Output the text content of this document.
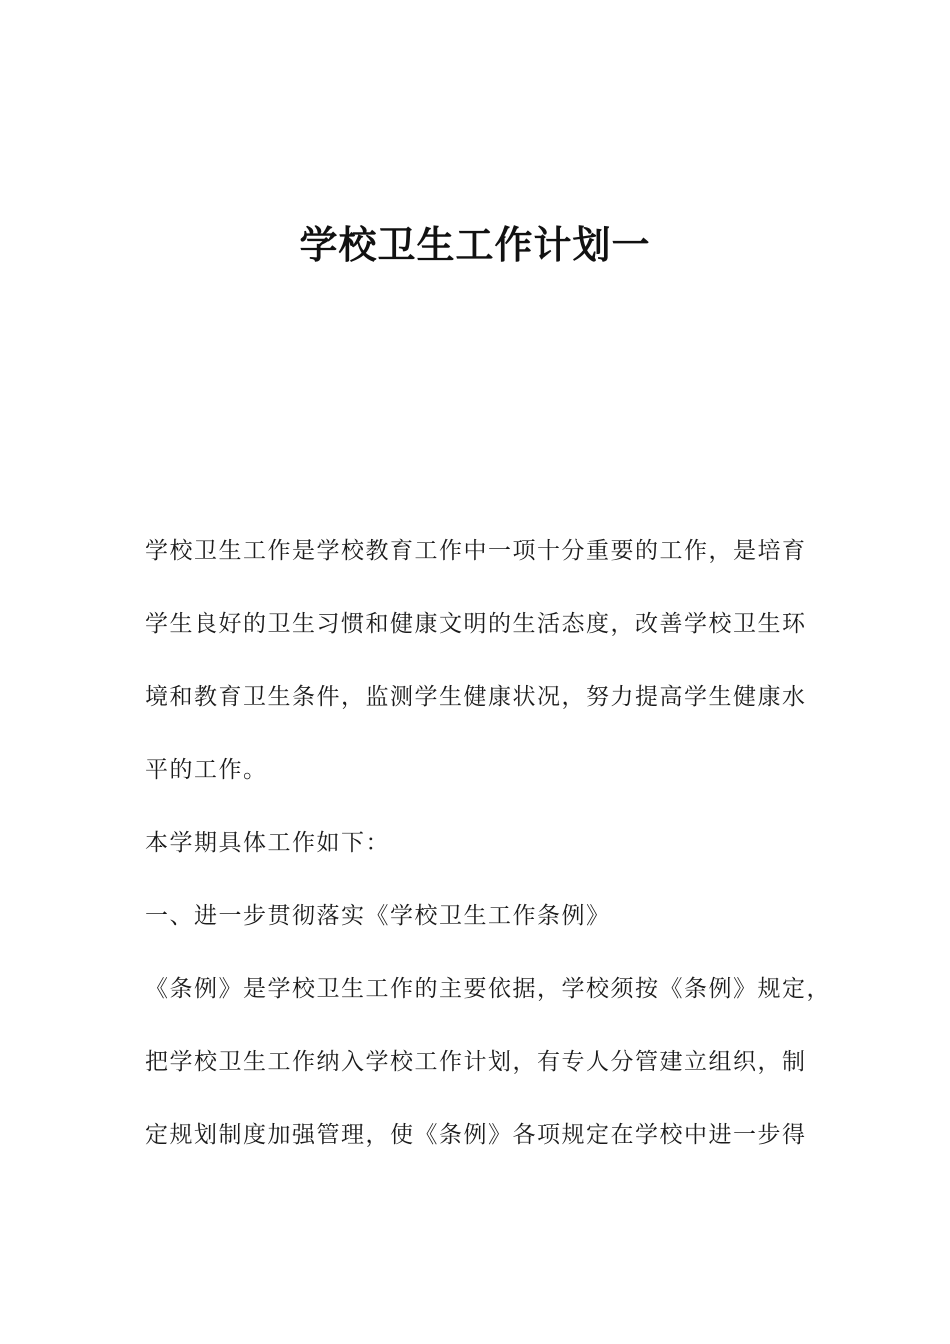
学校卫生工作计划一
学校卫生工作是学校教育工作中一项十分重要的工作，是培育
学生良好的卫生习惯和健康文明的生活态度，改善学校卫生环
境和教育卫生条件，监测学生健康状况，努力提高学生健康水
平的工作。
本学期具体工作如下：
一、进一步贯彻落实《学校卫生工作条例》
《条例》是学校卫生工作的主要依据，学校须按《条例》规定，
把学校卫生工作纳入学校工作计划，有专人分管建立组织，制
定规划制度加强管理，使《条例》各项规定在学校中进一步得
